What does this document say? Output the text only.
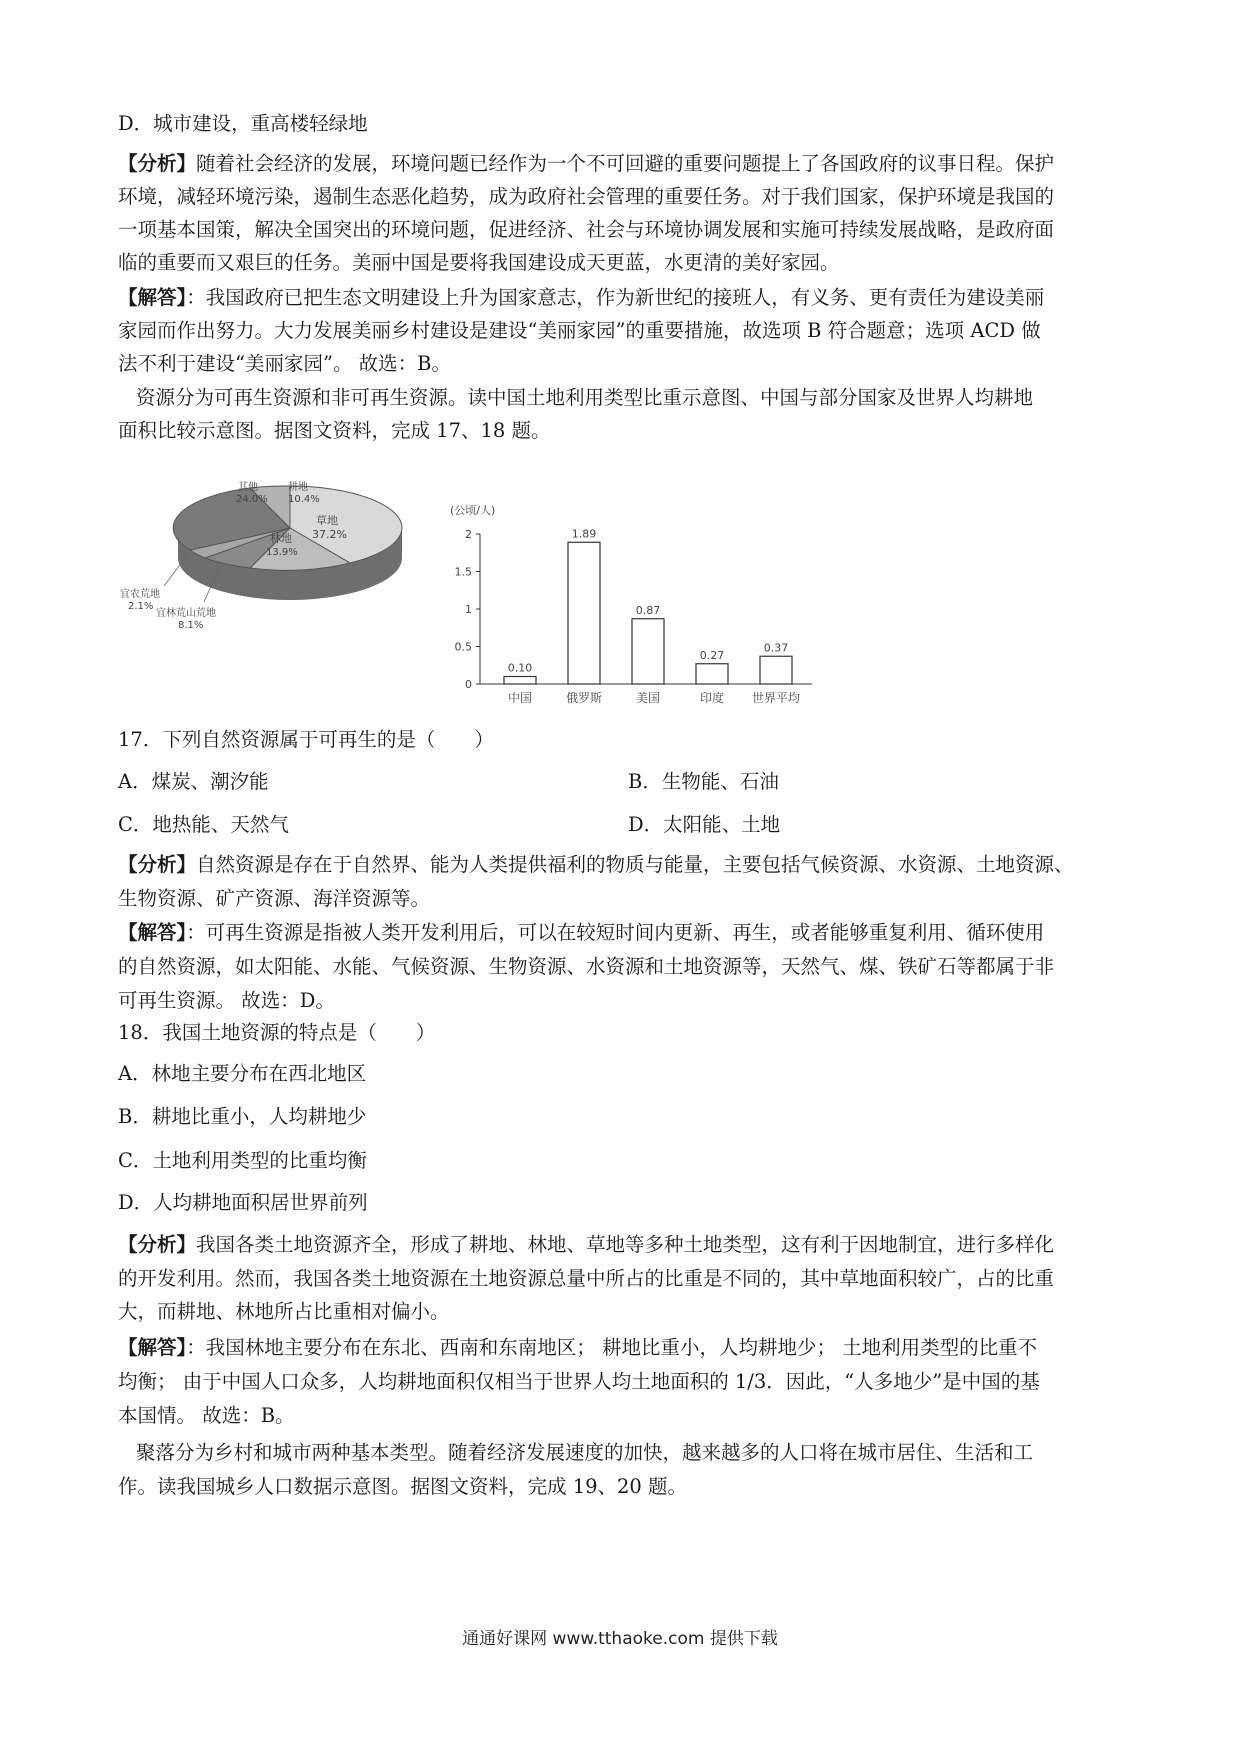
D．城市建设，重高楼轻绿地
【分析】随着社会经济的发展，环境问题已经作为一个不可回避的重要问题提上了各国政府的议事日程。保护
环境，减轻环境污染，遏制生态恶化趋势，成为政府社会管理的重要任务。对于我们国家，保护环境是我国的
一项基本国策，解决全国突出的环境问题，促进经济、社会与环境协调发展和实施可持续发展战略，是政府面
临的重要而又艰巨的任务。美丽中国是要将我国建设成天更蓝，水更清的美好家园。
【解答】：我国政府已把生态文明建设上升为国家意志，作为新世纪的接班人，有义务、更有责任为建设美丽
家园而作出努力。大力发展美丽乡村建设是建设“美丽家园”的重要措施，故选项 B 符合题意；选项 ACD 做
法不利于建设“美丽家园”。 故选：B。
资源分为可再生资源和非可再生资源。读中国土地利用类型比重示意图、中国与部分国家及世界人均耕地
面积比较示意图。据图文资料，完成 17、18 题。
其他
24.0%
耕地
10.4%
草地
37.2%
林地
13.9%
宜农荒地
2.1%
宜林荒山荒地
8.1%
(公顷/人)
0
0.5
1
1.5
2
0.10
中国
1.89
俄罗斯
0.87
美国
0.27
印度
0.37
世界平均
17．下列自然资源属于可再生的是（　　）
A．煤炭、潮汐能	B．生物能、石油
C．地热能、天然气	D．太阳能、土地
【分析】自然资源是存在于自然界、能为人类提供福利的物质与能量，主要包括气候资源、水资源、土地资源、
生物资源、矿产资源、海洋资源等。
【解答】：可再生资源是指被人类开发利用后，可以在较短时间内更新、再生，或者能够重复利用、循环使用
的自然资源，如太阳能、水能、气候资源、生物资源、水资源和土地资源等，天然气、煤、铁矿石等都属于非
可再生资源。 故选：D。
18．我国土地资源的特点是（　　）
A．林地主要分布在西北地区
B．耕地比重小，人均耕地少
C．土地利用类型的比重均衡
D．人均耕地面积居世界前列
【分析】我国各类土地资源齐全，形成了耕地、林地、草地等多种土地类型，这有利于因地制宜，进行多样化
的开发利用。然而，我国各类土地资源在土地资源总量中所占的比重是不同的，其中草地面积较广，占的比重
大，而耕地、林地所占比重相对偏小。
【解答】：我国林地主要分布在东北、西南和东南地区； 耕地比重小，人均耕地少； 土地利用类型的比重不
均衡； 由于中国人口众多，人均耕地面积仅相当于世界人均土地面积的 1/3．因此，“人多地少”是中国的基
本国情。 故选：B。
聚落分为乡村和城市两种基本类型。随着经济发展速度的加快，越来越多的人口将在城市居住、生活和工
作。读我国城乡人口数据示意图。据图文资料，完成 19、20 题。
通通好课网 www.tthaoke.com 提供下载
